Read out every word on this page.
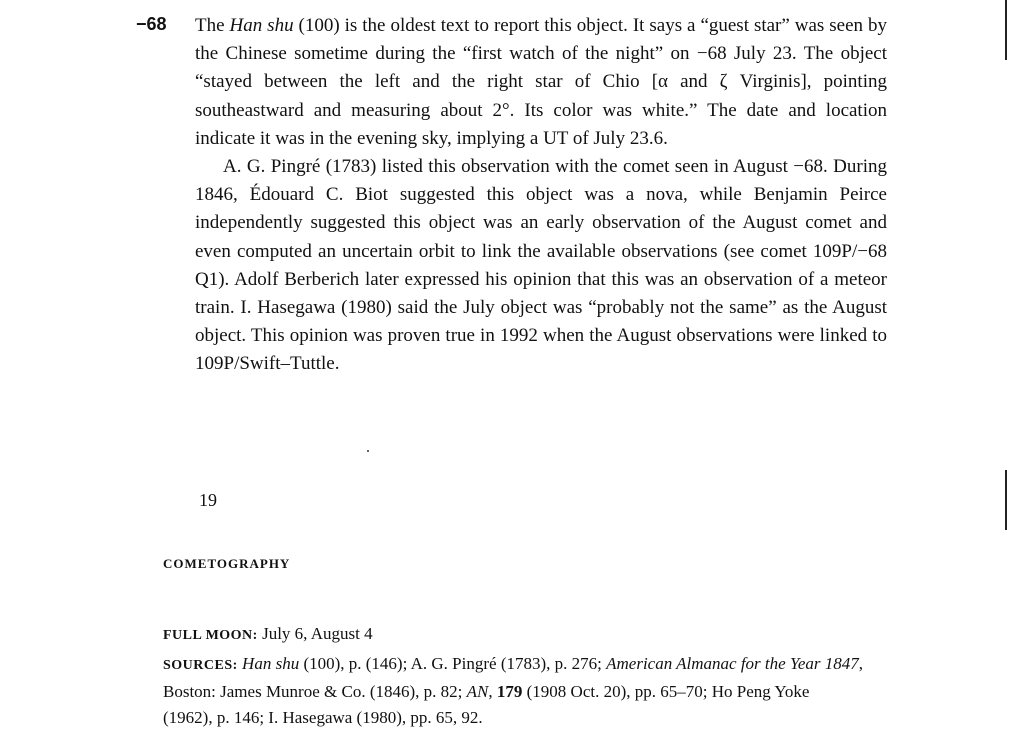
−68 The Han shu (100) is the oldest text to report this object. It says a “guest star” was seen by the Chinese sometime during the “first watch of the night” on −68 July 23. The object “stayed between the left and the right star of Chio [α and ζ Virginis], pointing southeastward and measuring about 2°. Its color was white.” The date and location indicate it was in the evening sky, implying a UT of July 23.6.

A. G. Pingré (1783) listed this observation with the comet seen in August −68. During 1846, Édouard C. Biot suggested this object was a nova, while Benjamin Peirce independently suggested this object was an early observation of the August comet and even computed an uncertain orbit to link the available observations (see comet 109P/−68 Q1). Adolf Berberich later expressed his opinion that this was an observation of a meteor train. I. Hasegawa (1980) said the July object was “probably not the same” as the August object. This opinion was proven true in 1992 when the August observations were linked to 109P/Swift–Tuttle.

19
COMETOGRAPHY
FULL MOON: July 6, August 4
SOURCES: Han shu (100), p. (146); A. G. Pingré (1783), p. 276; American Almanac for the Year 1847, Boston: James Munroe & Co. (1846), p. 82; AN, 179 (1908 Oct. 20), pp. 65–70; Ho Peng Yoke (1962), p. 146; I. Hasegawa (1980), pp. 65, 92.
